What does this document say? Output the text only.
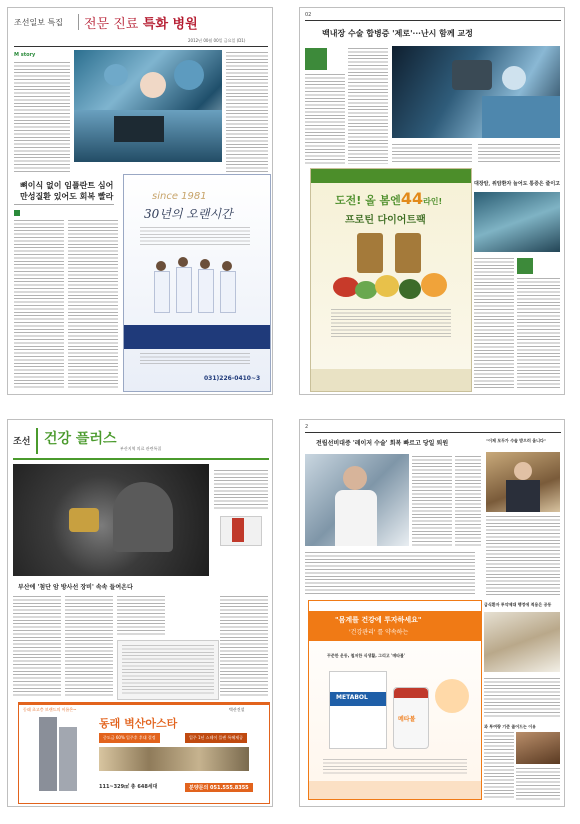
조선일보 특집 전문 진료 특화 병원
2012년 00월 00일 금요일 (D1)
M story
뼈이식 없이 임플란트 심어
만성질환 있어도 회복 빨라	since 1981
30년의 오랜시간
031)226-0410~3
02
백내장 수술 합병증 '제로'···난시 함께 교정
도전! 올 봄엔44라인!
프로틴 다이어트팩
대장암, 위암환자 늘어도 통증은 줄이고
조선 건강 플러스
부산지역 의료 관련특집
부산에 '첨단 암 방사선 장비' 속속 들여온다
동래 초고층 브랜드의 이름은~	벽산건설
동래 벽산아스타
중도금 60% 입주후 후대 결정	입주 1년 스테이 플랜 특혜제공
111~329㎡ 총 648세대	분양문의 051.555.8355
2
전립선비대증 '레이저 수술' 회복 빠르고 당일 퇴원	"이제 모두가 수술 받으러 옵니다"
"몸계를 건강에 투자하세요"
'건강관리' 를 약속하는
꾸준한 운동, 철저한 식생활, 그리고 '메타볼'
METABOL
메타볼
급식환자 투약제대 행정에 적용은 공동
과 투여량 기준 줄어드는 이유
